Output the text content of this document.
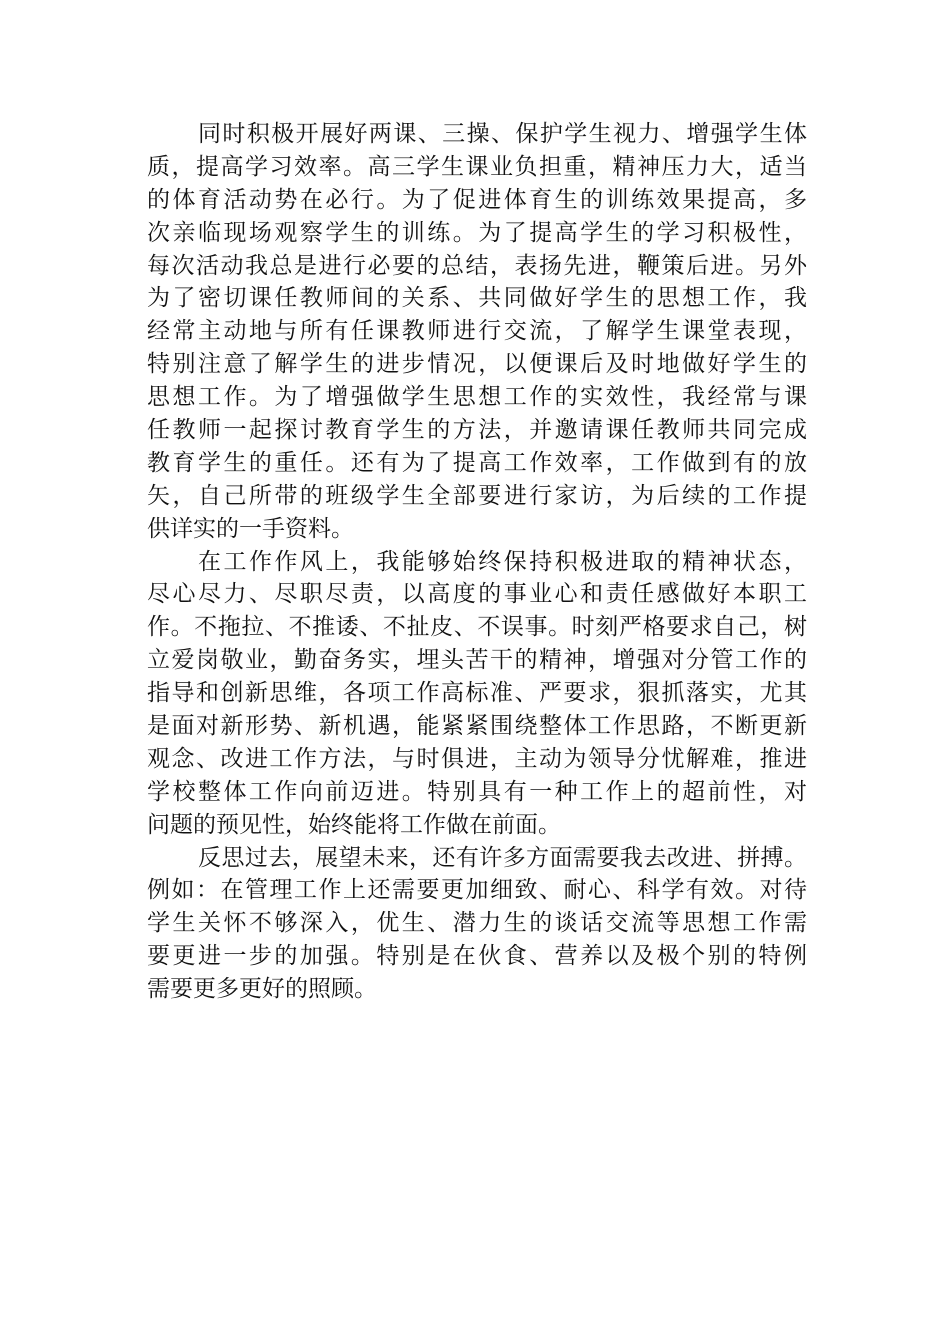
同时积极开展好两课、三操、保护学生视力、增强学生体
质，提高学习效率。高三学生课业负担重，精神压力大，适当
的体育活动势在必行。为了促进体育生的训练效果提高，多
次亲临现场观察学生的训练。为了提高学生的学习积极性，
每次活动我总是进行必要的总结，表扬先进，鞭策后进。另外
为了密切课任教师间的关系、共同做好学生的思想工作，我
经常主动地与所有任课教师进行交流，了解学生课堂表现，
特别注意了解学生的进步情况，以便课后及时地做好学生的
思想工作。为了增强做学生思想工作的实效性，我经常与课
任教师一起探讨教育学生的方法，并邀请课任教师共同完成
教育学生的重任。还有为了提高工作效率，工作做到有的放
矢，自己所带的班级学生全部要进行家访，为后续的工作提
供详实的一手资料。
在工作作风上，我能够始终保持积极进取的精神状态，
尽心尽力、尽职尽责，以高度的事业心和责任感做好本职工
作。不拖拉、不推诿、不扯皮、不误事。时刻严格要求自己，树
立爱岗敬业，勤奋务实，埋头苦干的精神，增强对分管工作的
指导和创新思维，各项工作高标准、严要求，狠抓落实，尤其
是面对新形势、新机遇，能紧紧围绕整体工作思路，不断更新
观念、改进工作方法，与时俱进，主动为领导分忧解难，推进
学校整体工作向前迈进。特别具有一种工作上的超前性，对
问题的预见性，始终能将工作做在前面。
反思过去，展望未来，还有许多方面需要我去改进、拼搏。
例如：在管理工作上还需要更加细致、耐心、科学有效。对待
学生关怀不够深入，优生、潜力生的谈话交流等思想工作需
要更进一步的加强。特别是在伙食、营养以及极个别的特例
需要更多更好的照顾。
